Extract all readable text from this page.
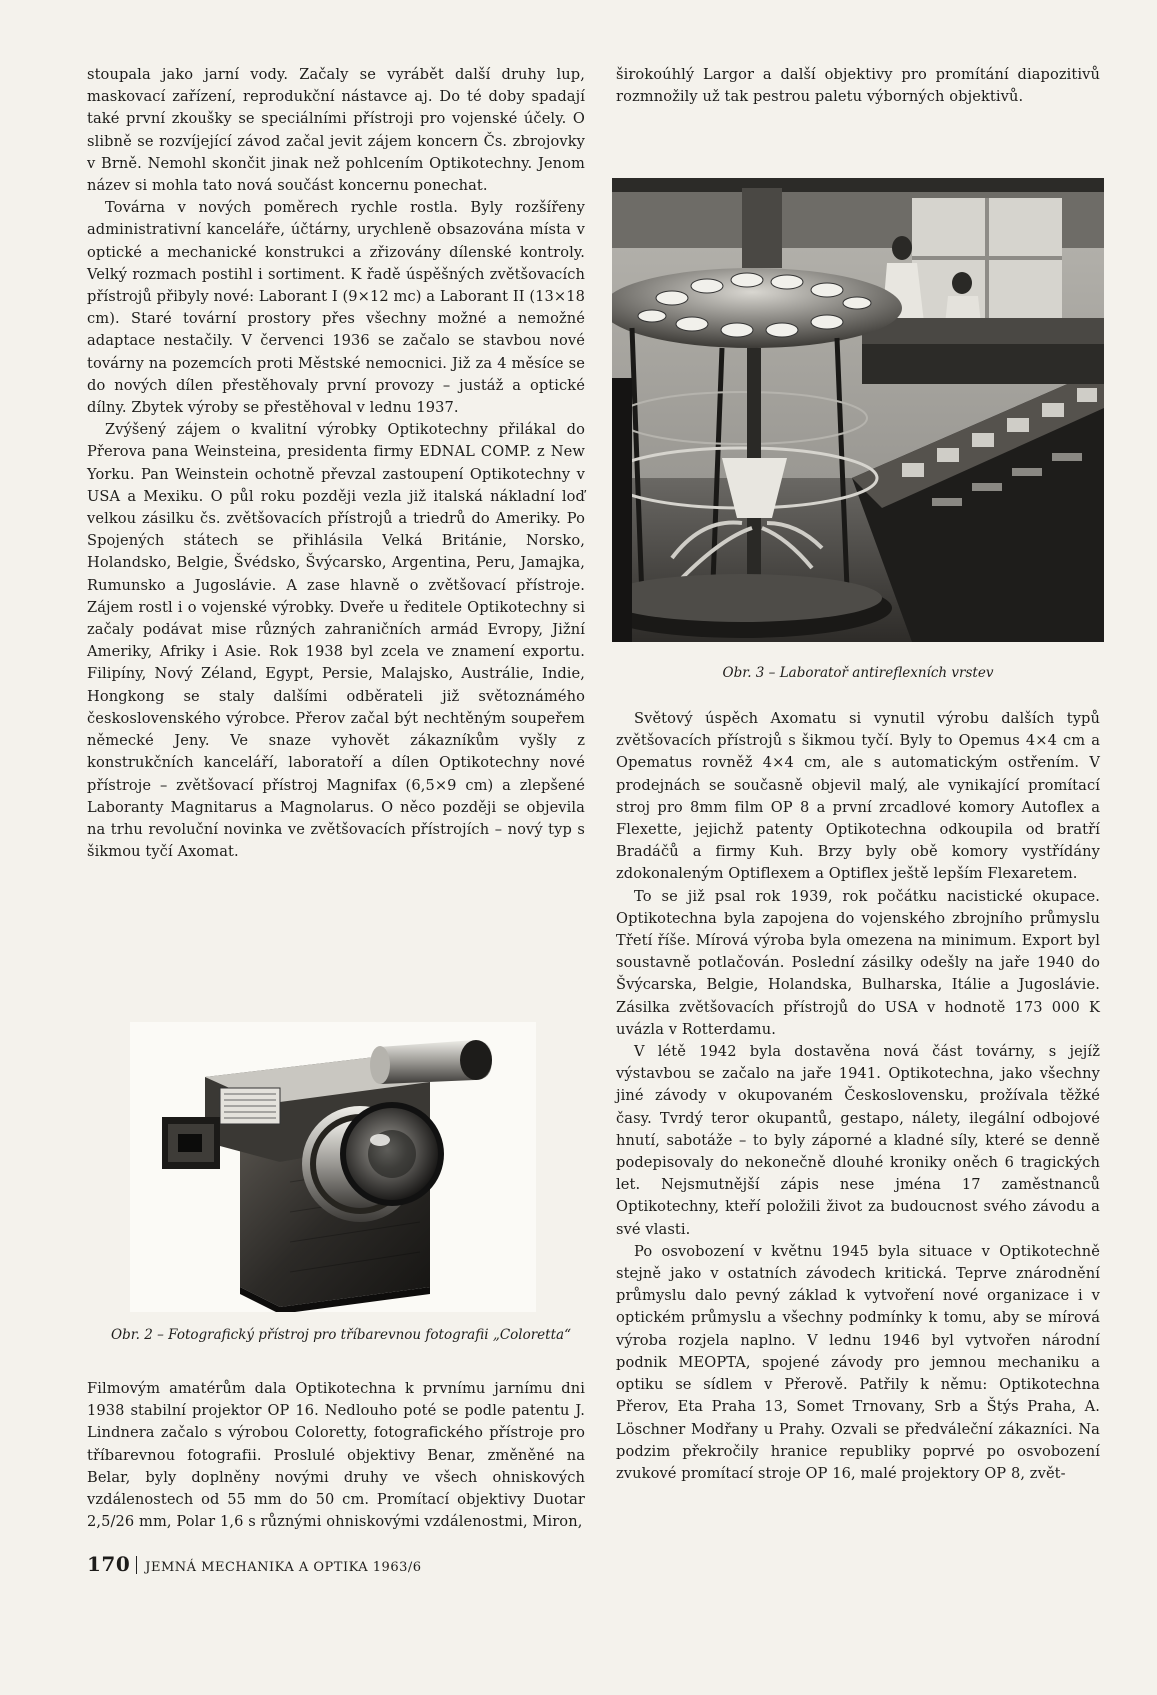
stoupala jako jarní vody. Začaly se vyrábět další druhy lup, maskovací zařízení, reprodukční nástavce aj. Do té doby spadají také první zkoušky se speciálními přístroji pro vojenské účely. O slibně se rozvíjející závod začal jevit zájem koncern Čs. zbrojovky v Brně. Nemohl skončit jinak než pohlcením Optikotechny. Jenom název si mohla tato nová součást koncernu ponechat.

Továrna v nových poměrech rychle rostla. Byly rozšířeny administrativní kanceláře, účtárny, urychleně obsazována místa v optické a mechanické konstrukci a zřizovány dílenské kontroly. Velký rozmach postihl i sortiment. K řadě úspěšných zvětšovacích přístrojů přibyly nové: Laborant I (9×12 mc) a Laborant II (13×18 cm). Staré tovární prostory přes všechny možné a nemožné adaptace nestačily. V červenci 1936 se začalo se stavbou nové továrny na pozemcích proti Městské nemocnici. Již za 4 měsíce se do nových dílen přestěhovaly první provozy – justáž a optické dílny. Zbytek výroby se přestěhoval v lednu 1937.

Zvýšený zájem o kvalitní výrobky Optikotechny přilákal do Přerova pana Weinsteina, presidenta firmy EDNAL COMP. z New Yorku. Pan Weinstein ochotně převzal zastoupení Optikotechny v USA a Mexiku. O půl roku později vezla již italská nákladní loď velkou zásilku čs. zvětšovacích přístrojů a triedrů do Ameriky. Po Spojených státech se přihlásila Velká Británie, Norsko, Holandsko, Belgie, Švédsko, Švýcarsko, Argentina, Peru, Jamajka, Rumunsko a Jugoslávie. A zase hlavně o zvětšovací přístroje. Zájem rostl i o vojenské výrobky. Dveře u ředitele Optikotechny si začaly podávat mise různých zahraničních armád Evropy, Jižní Ameriky, Afriky i Asie. Rok 1938 byl zcela ve znamení exportu. Filipíny, Nový Zéland, Egypt, Persie, Malajsko, Austrálie, Indie, Hongkong se staly dalšími odběrateli již světoznámého československého výrobce. Přerov začal být nechtěným soupeřem německé Jeny. Ve snaze vyhovět zákazníkům vyšly z konstrukčních kanceláří, laboratoří a dílen Optikotechny nové přístroje – zvětšovací přístroj Magnifax (6,5×9 cm) a zlepšené Laboranty Magnitarus a Magnolarus. O něco později se objevila na trhu revoluční novinka ve zvětšovacích přístrojích – nový typ s šikmou tyčí Axomat.

Obr. 2 – Fotografický přístroj pro tříbarevnou fotografii „Coloretta“

Filmovým amatérům dala Optikotechna k prvnímu jarnímu dni 1938 stabilní projektor OP 16. Nedlouho poté se podle patentu J. Lindnera začalo s výrobou Coloretty, fotografického přístroje pro tříbarevnou fotografii. Proslulé objektivy Benar, změněné na Belar, byly doplněny novými druhy ve všech ohniskových vzdálenostech od 55 mm do 50 cm. Promítací objektivy Duotar 2,5/26 mm, Polar 1,6 s různými ohniskovými vzdálenostmi, Miron,

širokoúhlý Largor a další objektivy pro promítání diapozitivů rozmnožily už tak pestrou paletu výborných objektivů.

Obr. 3 – Laboratoř antireflexních vrstev

Světový úspěch Axomatu si vynutil výrobu dalších typů zvětšovacích přístrojů s šikmou tyčí. Byly to Opemus 4×4 cm a Opematus rovněž 4×4 cm, ale s automatickým ostřením. V prodejnách se současně objevil malý, ale vynikající promítací stroj pro 8mm film OP 8 a první zrcadlové komory Autoflex a Flexette, jejichž patenty Optikotechna odkoupila od bratří Bradáčů a firmy Kuh. Brzy byly obě komory vystřídány zdokonaleným Optiflexem a Optiflex ještě lepším Flexaretem.

To se již psal rok 1939, rok počátku nacistické okupace. Optikotechna byla zapojena do vojenského zbrojního průmyslu Třetí říše. Mírová výroba byla omezena na minimum. Export byl soustavně potlačován. Poslední zásilky odešly na jaře 1940 do Švýcarska, Belgie, Holandska, Bulharska, Itálie a Jugoslávie. Zásilka zvětšovacích přístrojů do USA v hodnotě 173 000 K uvázla v Rotterdamu.

V létě 1942 byla dostavěna nová část továrny, s jejíž výstavbou se začalo na jaře 1941. Optikotechna, jako všechny jiné závody v okupovaném Československu, prožívala těžké časy. Tvrdý teror okupantů, gestapo, nálety, ilegální odbojové hnutí, sabotáže – to byly záporné a kladné síly, které se denně podepisovaly do nekonečně dlouhé kroniky oněch 6 tragických let. Nejsmutnější zápis nese jména 17 zaměstnanců Optikotechny, kteří položili život za budoucnost svého závodu a své vlasti.

Po osvobození v květnu 1945 byla situace v Optikotechně stejně jako v ostatních závodech kritická. Teprve znárodnění průmyslu dalo pevný základ k vytvoření nové organizace i v optickém průmyslu a všechny podmínky k tomu, aby se mírová výroba rozjela naplno. V lednu 1946 byl vytvořen národní podnik MEOPTA, spojené závody pro jemnou mechaniku a optiku se sídlem v Přerově. Patřily k němu: Optikotechna Přerov, Eta Praha 13, Somet Trnovany, Srb a Štýs Praha, A. Löschner Modřany u Prahy. Ozvali se předváleční zákazníci. Na podzim překročily hranice republiky poprvé po osvobození zvukové promítací stroje OP 16, malé projektory OP 8, zvět-

170 JEMNÁ MECHANIKA A OPTIKA 1963/6
